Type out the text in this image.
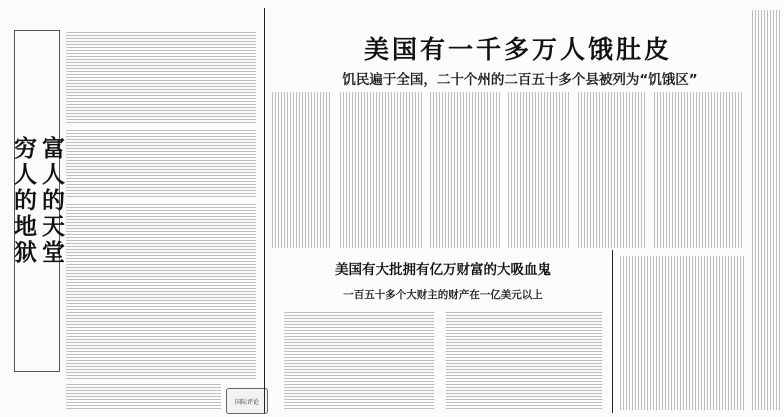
富人的天堂
穷人的地狱
国际评论
美国有一千多万人饿肚皮
饥民遍于全国，二十个州的二百五十多个县被列为“饥饿区”
美国有大批拥有亿万财富的大吸血鬼
一百五十多个大财主的财产在一亿美元以上
